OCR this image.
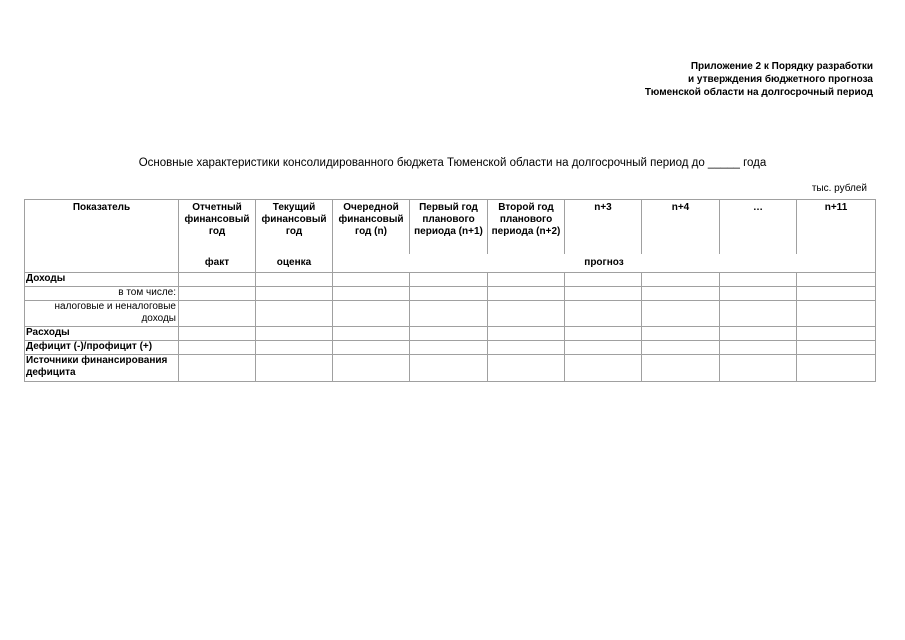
Приложение 2 к Порядку разработки
и утверждения бюджетного прогноза
Тюменской области на долгосрочный период
Основные характеристики консолидированного бюджета Тюменской области на долгосрочный период до _____ года
тыс. рублей
Показатель	Отчетный финансовый год	Текущий финансовый год	Очередной финансовый год (n)	Первый год планового периода (n+1)	Второй год планового периода (n+2)	n+3	n+4	…	n+11
	факт	оценка	прогноз						
Доходы									
в том числе:									
налоговые и неналоговые доходы									
Расходы									
Дефицит (-)/профицит (+)									
Источники финансирования дефицита									
